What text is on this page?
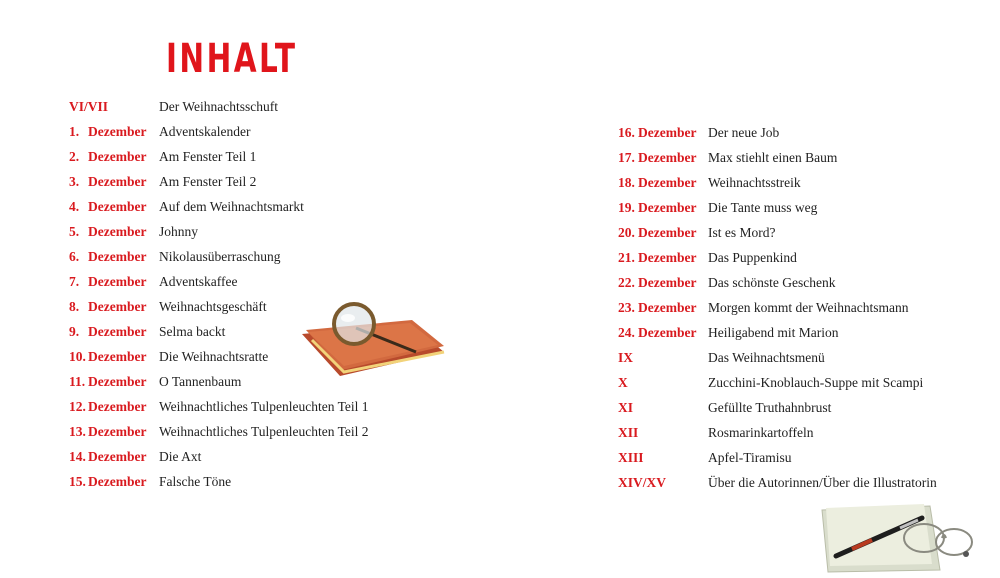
INHALT
VI/VII	Der Weihnachtsschuft
1. Dezember Adventskalender
2. Dezember Am Fenster Teil 1
3. Dezember Am Fenster Teil 2
4. Dezember Auf dem Weihnachtsmarkt
5. Dezember Johnny
6. Dezember Nikolausüberraschung
7. Dezember Adventskaffee
8. Dezember Weihnachtsgeschäft
9. Dezember Selma backt
10. Dezember Die Weihnachtsratte
11. Dezember O Tannenbaum
12. Dezember Weihnachtliches Tulpenleuchten Teil 1
13. Dezember Weihnachtliches Tulpenleuchten Teil 2
14. Dezember Die Axt
15. Dezember Falsche Töne
16. Dezember Der neue Job
17. Dezember Max stiehlt einen Baum
18. Dezember Weihnachtsstreik
19. Dezember Die Tante muss weg
20. Dezember Ist es Mord?
21. Dezember Das Puppenkind
22. Dezember Das schönste Geschenk
23. Dezember Morgen kommt der Weihnachtsmann
24. Dezember Heiligabend mit Marion
IX	Das Weihnachtsmenü
X	Zucchini-Knoblauch-Suppe mit Scampi
XI	Gefüllte Truthahnbrust
XII	Rosmarinkartoffeln
XIII	Apfel-Tiramisu
XIV/XV	Über die Autorinnen/Über die Illustratorin
